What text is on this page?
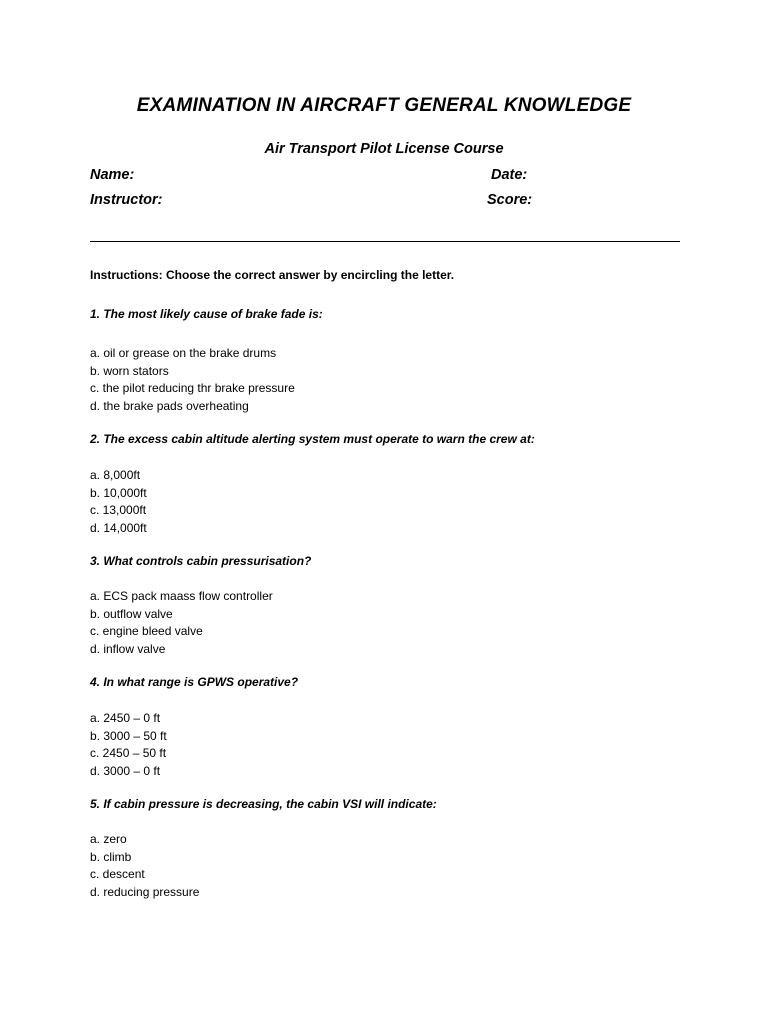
EXAMINATION IN AIRCRAFT GENERAL KNOWLEDGE
Air Transport Pilot License Course
Name:	Date:
Instructor:	Score:
Instructions: Choose the correct answer by encircling the letter.
1. The most likely cause of brake fade is:
a. oil or grease on the brake drums
b. worn stators
c. the pilot reducing thr brake pressure
d. the brake pads overheating
2. The excess cabin altitude alerting system must operate to warn the crew at:
a. 8,000ft
b. 10,000ft
c. 13,000ft
d. 14,000ft
3. What controls cabin pressurisation?
a. ECS pack maass flow controller
b. outflow valve
c. engine bleed valve
d. inflow valve
4. In what range is GPWS operative?
a. 2450 – 0 ft
b. 3000 – 50 ft
c. 2450 – 50 ft
d. 3000 – 0 ft
5. If cabin pressure is decreasing, the cabin VSI will indicate:
a. zero
b. climb
c. descent
d. reducing pressure
